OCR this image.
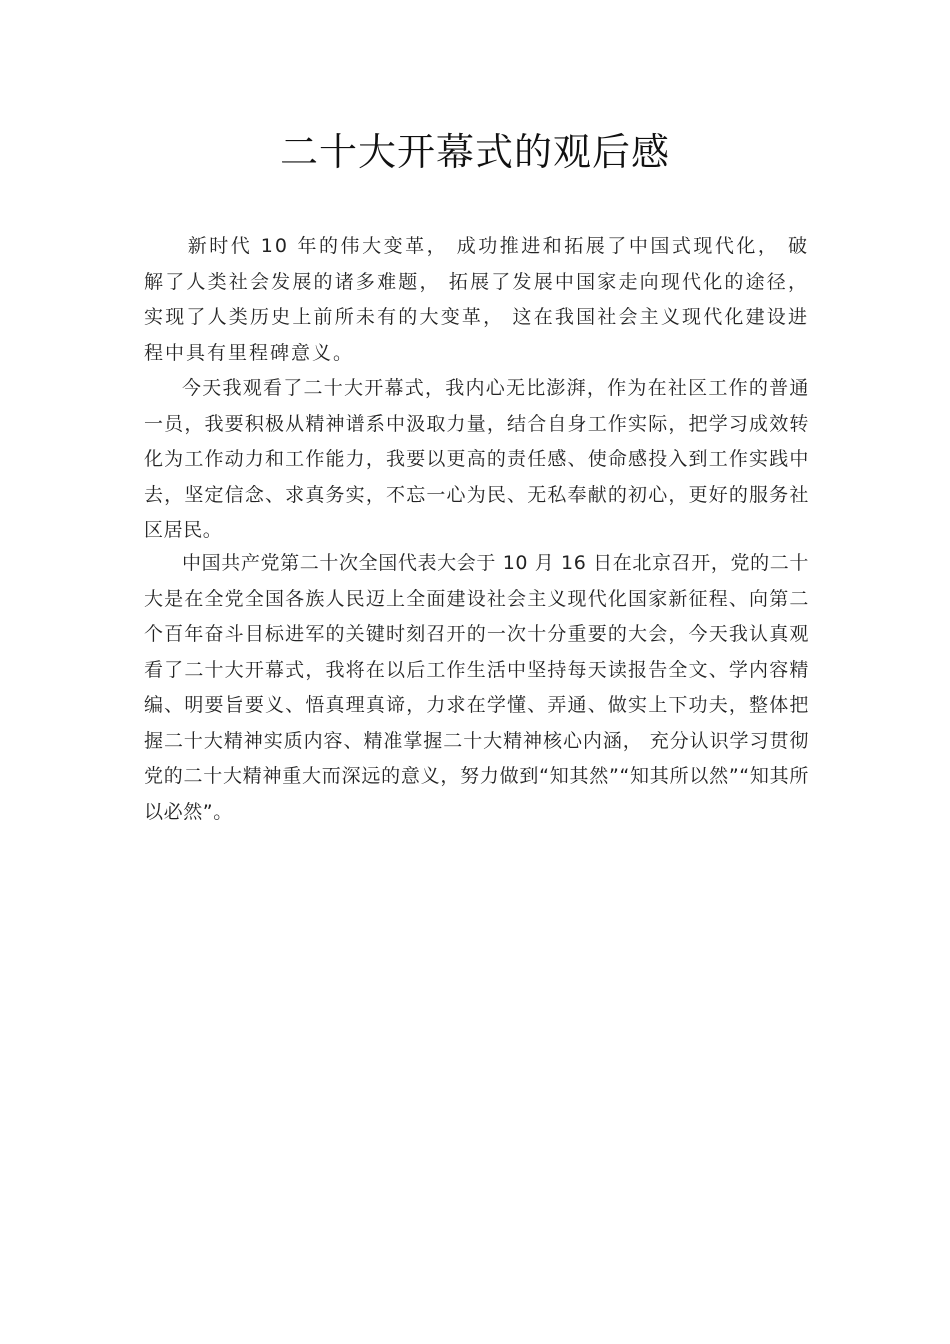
二十大开幕式的观后感

新时代 10 年的伟大变革， 成功推进和拓展了中国式现代化， 破解了人类社会发展的诸多难题， 拓展了发展中国家走向现代化的途径， 实现了人类历史上前所未有的大变革， 这在我国社会主义现代化建设进程中具有里程碑意义。

今天我观看了二十大开幕式，我内心无比澎湃，作为在社区工作的普通一员，我要积极从精神谱系中汲取力量，结合自身工作实际，把学习成效转化为工作动力和工作能力，我要以更高的责任感、使命感投入到工作实践中去，坚定信念、求真务实，不忘一心为民、无私奉献的初心，更好的服务社区居民。

中国共产党第二十次全国代表大会于 10 月 16 日在北京召开，党的二十大是在全党全国各族人民迈上全面建设社会主义现代化国家新征程、向第二个百年奋斗目标进军的关键时刻召开的一次十分重要的大会，今天我认真观看了二十大开幕式，我将在以后工作生活中坚持每天读报告全文、学内容精编、明要旨要义、悟真理真谛，力求在学懂、弄通、做实上下功夫，整体把握二十大精神实质内容、精准掌握二十大精神核心内涵， 充分认识学习贯彻党的二十大精神重大而深远的意义，努力做到“知其然”“知其所以然”“知其所以必然”。
